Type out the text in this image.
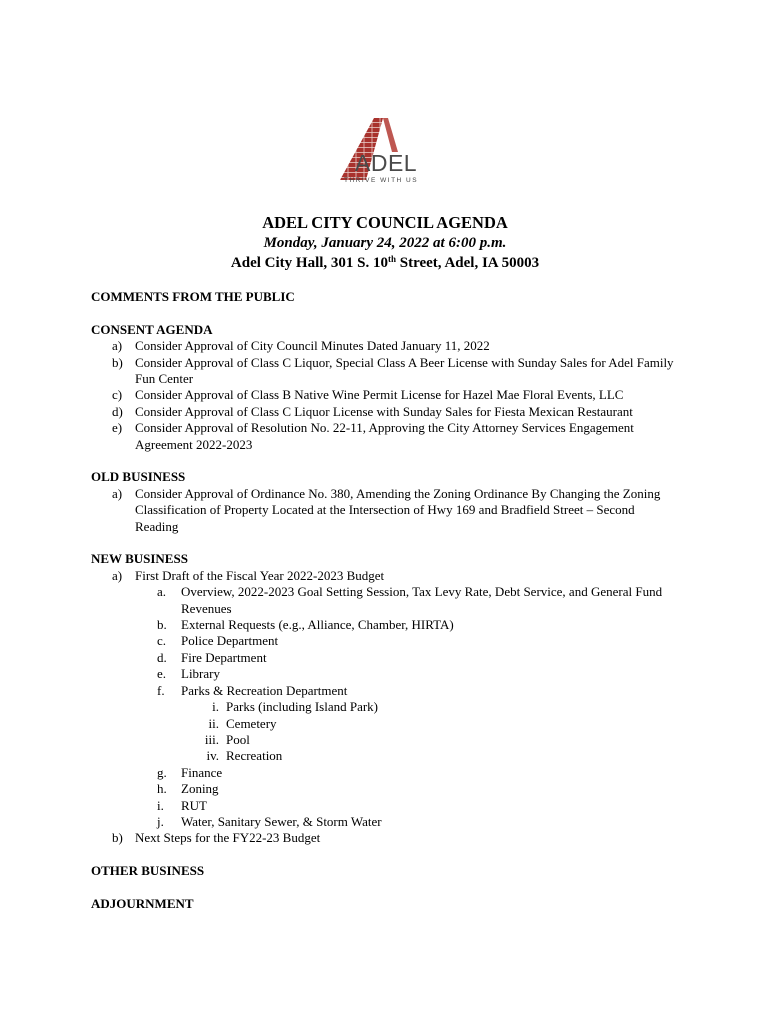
ADEL
THRIVE WITH US
ADEL CITY COUNCIL AGENDA
Monday, January 24, 2022 at 6:00 p.m.
Adel City Hall, 301 S. 10th Street, Adel, IA 50003
COMMENTS FROM THE PUBLIC
CONSENT AGENDA
a) Consider Approval of City Council Minutes Dated January 11, 2022
b) Consider Approval of Class C Liquor, Special Class A Beer License with Sunday Sales for Adel Family Fun Center
c) Consider Approval of Class B Native Wine Permit License for Hazel Mae Floral Events, LLC
d) Consider Approval of Class C Liquor License with Sunday Sales for Fiesta Mexican Restaurant
e) Consider Approval of Resolution No. 22-11, Approving the City Attorney Services Engagement Agreement 2022-2023
OLD BUSINESS
a) Consider Approval of Ordinance No. 380, Amending the Zoning Ordinance By Changing the Zoning Classification of Property Located at the Intersection of Hwy 169 and Bradfield Street – Second Reading
NEW BUSINESS
a) First Draft of the Fiscal Year 2022-2023 Budget
a. Overview, 2022-2023 Goal Setting Session, Tax Levy Rate, Debt Service, and General Fund Revenues
b. External Requests (e.g., Alliance, Chamber, HIRTA)
c. Police Department
d. Fire Department
e. Library
f. Parks & Recreation Department
i. Parks (including Island Park)
ii. Cemetery
iii. Pool
iv. Recreation
g. Finance
h. Zoning
i. RUT
j. Water, Sanitary Sewer, & Storm Water
b) Next Steps for the FY22-23 Budget
OTHER BUSINESS
ADJOURNMENT
